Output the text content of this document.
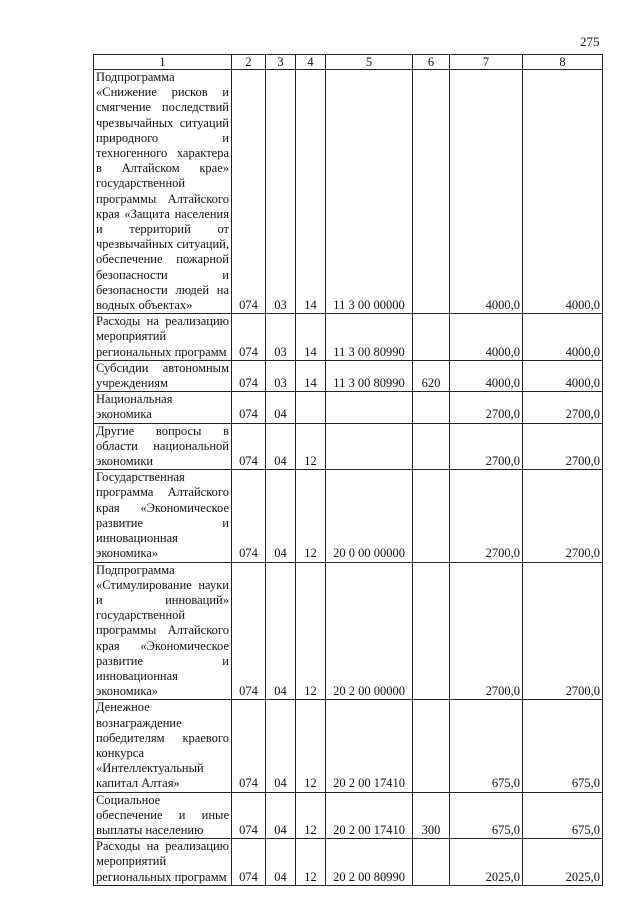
275
1	2	3	4	5	6	7	8
Подпрограмма «Снижение рисков и смягчение последствий чрезвычайных ситуаций природного и техногенного характера в Алтайском крае» государственной программы Алтайского края «Защита населения и территорий от чрезвычайных ситуаций, обеспечение пожарной безопасности и безопасности людей на водных объектах»	074	03	14	11 3 00 00000		4000,0	4000,0
Расходы на реализацию мероприятий региональных программ	074	03	14	11 3 00 80990		4000,0	4000,0
Субсидии автономным учреждениям	074	03	14	11 3 00 80990	620	4000,0	4000,0
Национальная экономика	074	04				2700,0	2700,0
Другие вопросы в области национальной экономики	074	04	12			2700,0	2700,0
Государственная программа Алтайского края «Экономическое развитие и инновационная экономика»	074	04	12	20 0 00 00000		2700,0	2700,0
Подпрограмма «Стимулирование науки и инноваций» государственной программы Алтайского края «Экономическое развитие и инновационная экономика»	074	04	12	20 2 00 00000		2700,0	2700,0
Денежное вознаграждение победителям краевого конкурса «Интеллектуальный капитал Алтая»	074	04	12	20 2 00 17410		675,0	675,0
Социальное обеспечение и иные выплаты населению	074	04	12	20 2 00 17410	300	675,0	675,0
Расходы на реализацию мероприятий региональных программ	074	04	12	20 2 00 80990		2025,0	2025,0
